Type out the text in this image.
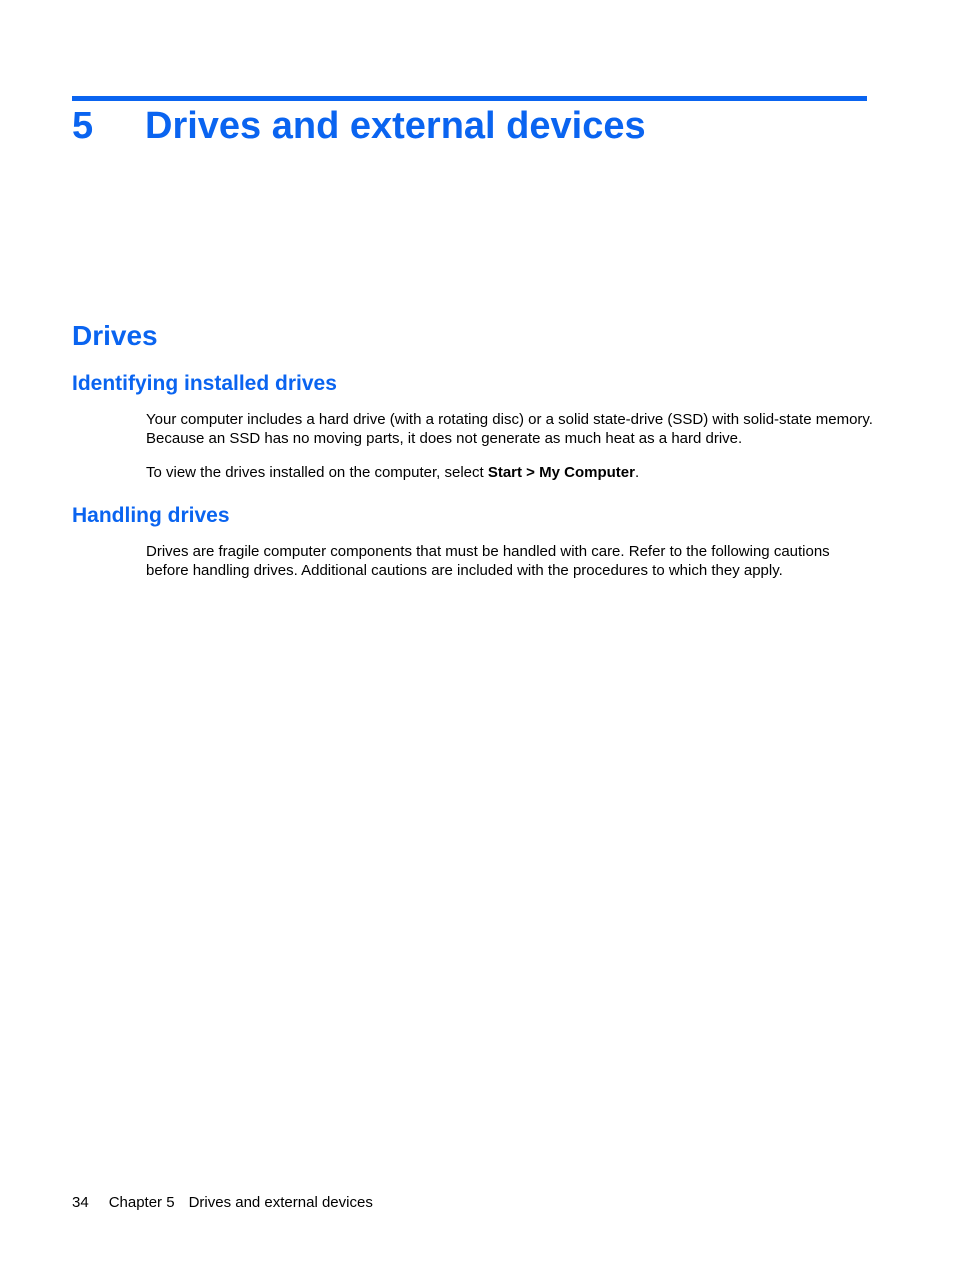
5 Drives and external devices
Drives
Identifying installed drives

Your computer includes a hard drive (with a rotating disc) or a solid state-drive (SSD) with solid-state memory. Because an SSD has no moving parts, it does not generate as much heat as a hard drive.

To view the drives installed on the computer, select Start > My Computer.

Handling drives

Drives are fragile computer components that must be handled with care. Refer to the following cautions before handling drives. Additional cautions are included with the procedures to which they apply.

34 Chapter 5 Drives and external devices
